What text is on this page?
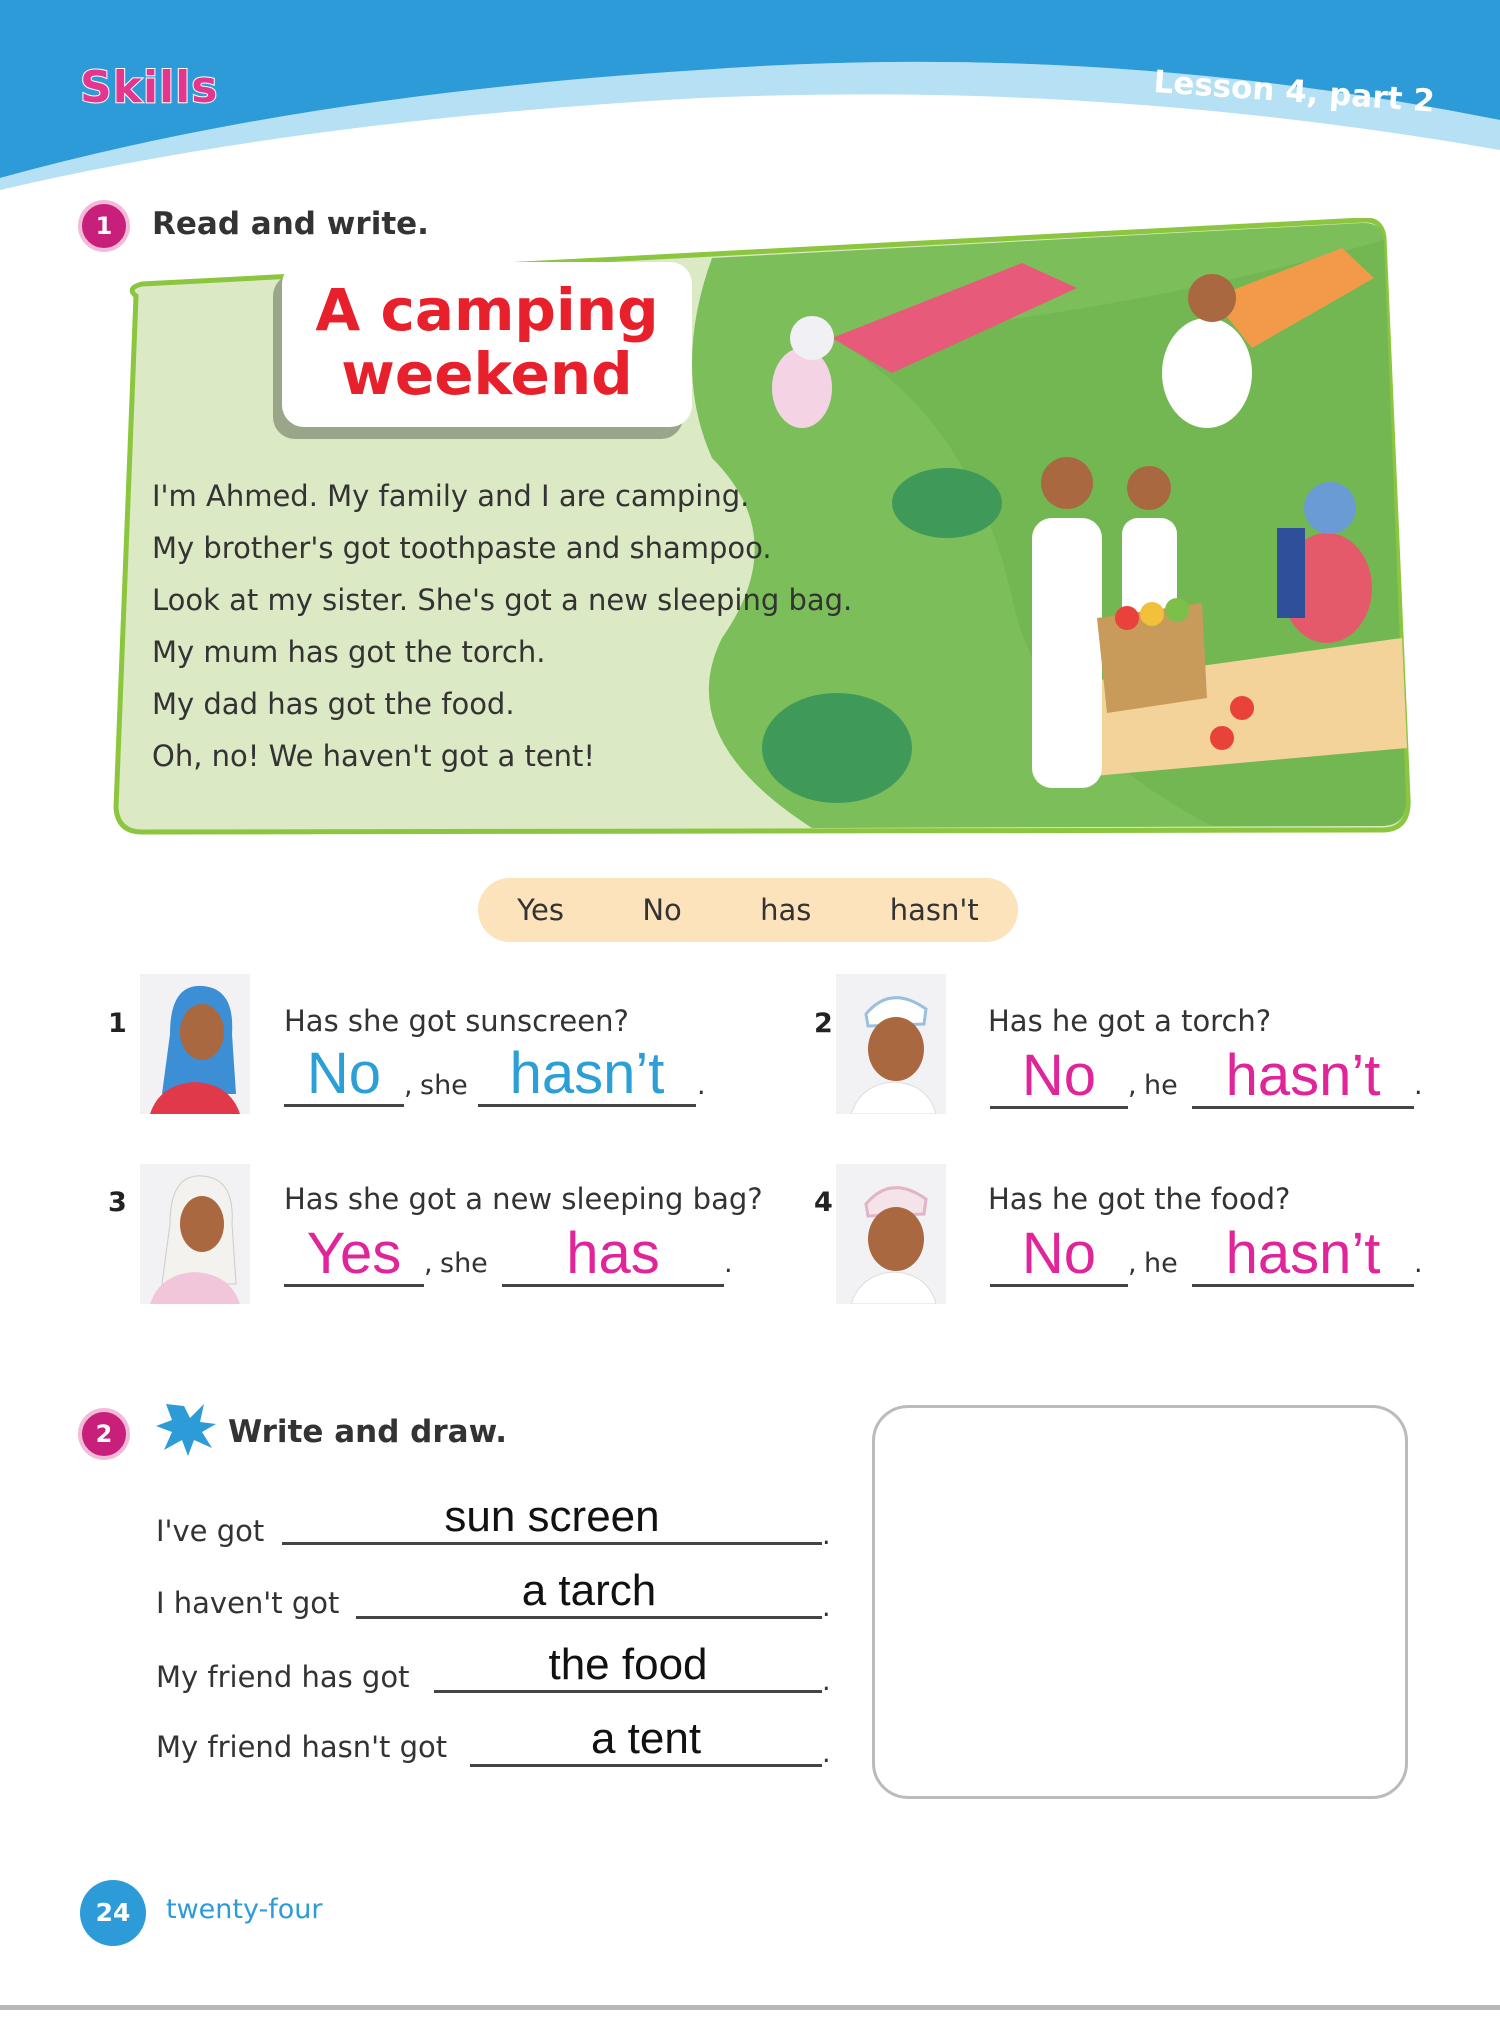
Skills	Lesson 4, part 2
1	Read and write.
A camping
weekend
I'm Ahmed. My family and I are camping.
My brother's got toothpaste and shampoo.
Look at my sister. She's got a new sleeping bag.
My mum has got the torch.
My dad has got the food.
Oh, no! We haven't got a tent!
Yes	No	has	hasn't
1	Has she got sunscreen?
No , she hasn’t	.
2	Has he got a torch?
No	, he hasn’t	.
3	Has she got a new sleeping bag?
Yes , she	has	.
4	Has he got the food?
No	, he hasn’t	.
2	Write and draw.
I've got	sun screen	.
I haven't got	a tarch	.
My friend has got	the food	.
My friend hasn't got	a tent	.
24	twenty-four
